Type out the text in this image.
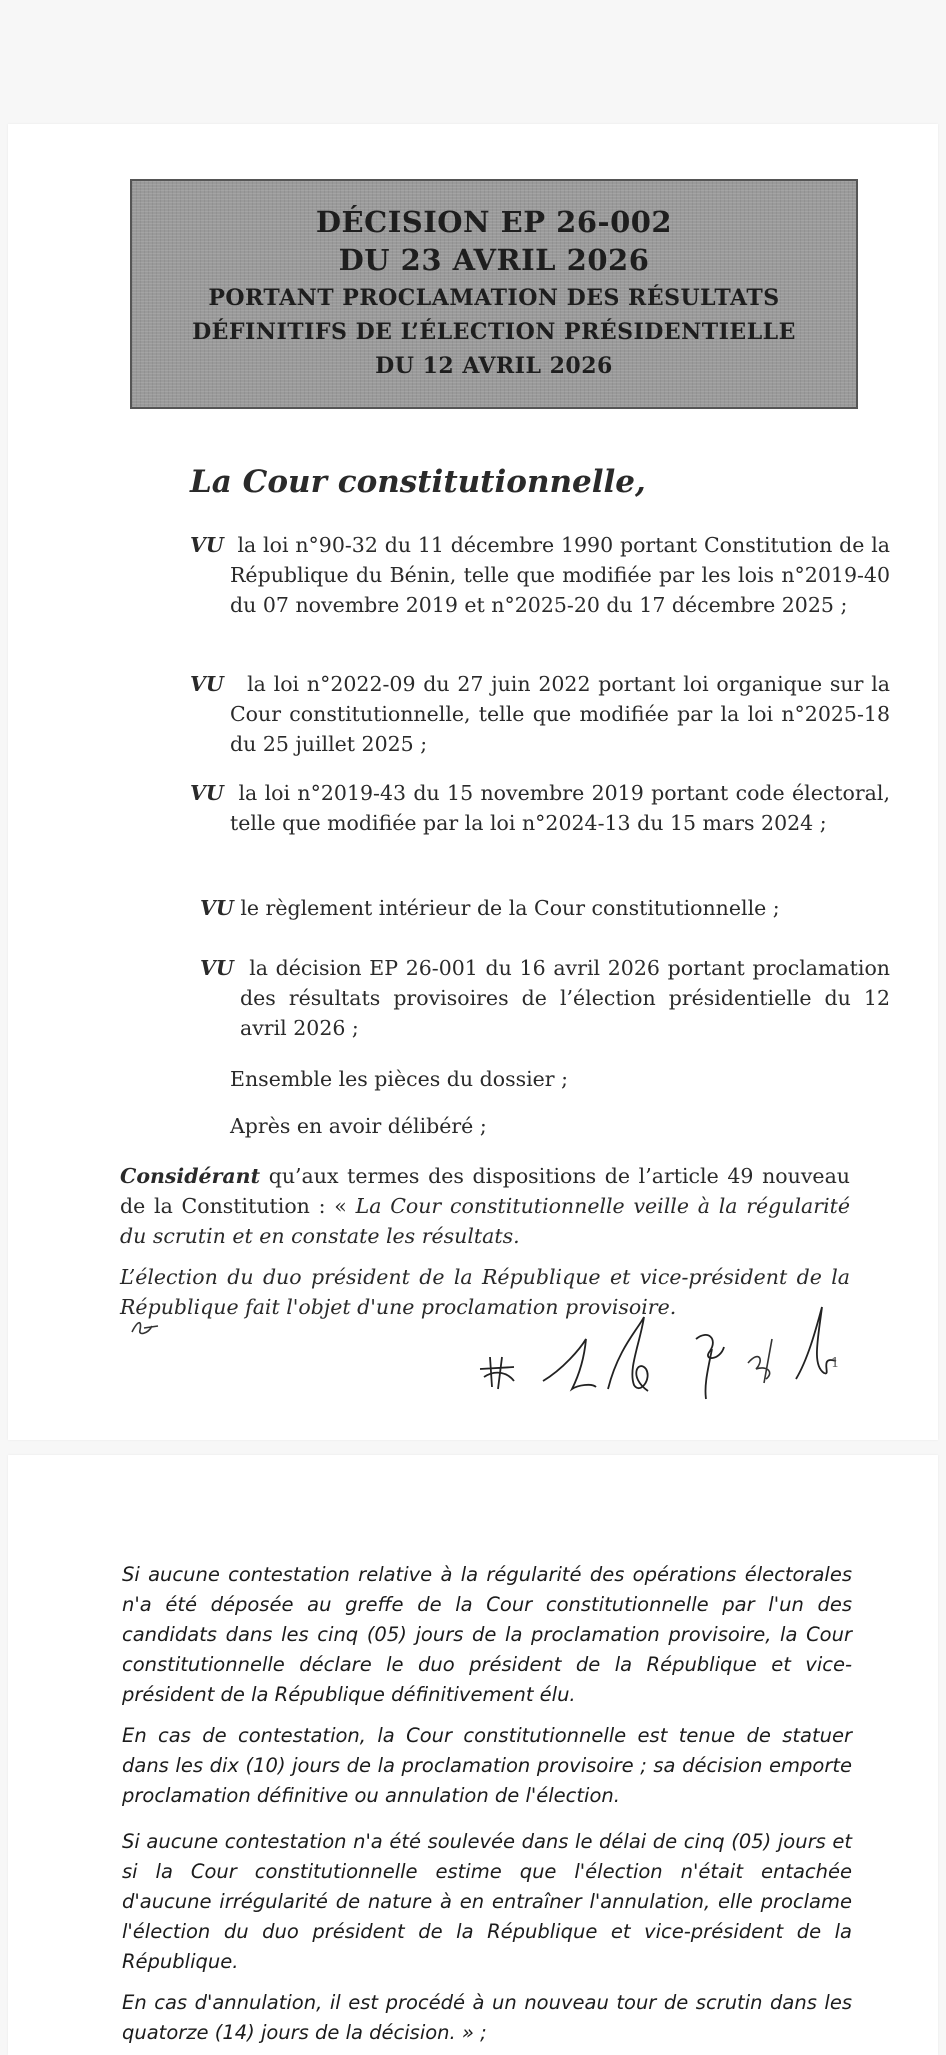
DÉCISION EP 26-002
DU 23 AVRIL 2026
PORTANT PROCLAMATION DES RÉSULTATS
DÉFINITIFS DE L’ÉLECTION PRÉSIDENTIELLE
DU 12 AVRIL 2026
La Cour constitutionnelle,
VU la loi n°90-32 du 11 décembre 1990 portant Constitution de la République du Bénin, telle que modifiée par les lois n°2019-40 du 07 novembre 2019 et n°2025-20 du 17 décembre 2025 ;
VU la loi n°2022-09 du 27 juin 2022 portant loi organique sur la Cour constitutionnelle, telle que modifiée par la loi n°2025-18 du 25 juillet 2025 ;
VU la loi n°2019-43 du 15 novembre 2019 portant code électoral, telle que modifiée par la loi n°2024-13 du 15 mars 2024 ;
VU le règlement intérieur de la Cour constitutionnelle ;
VU la décision EP 26-001 du 16 avril 2026 portant proclamation des résultats provisoires de l’élection présidentielle du 12 avril 2026 ;
Ensemble les pièces du dossier ;
Après en avoir délibéré ;
Considérant qu’aux termes des dispositions de l’article 49 nouveau de la Constitution : « La Cour constitutionnelle veille à la régularité du scrutin et en constate les résultats.
L’élection du duo président de la République et vice-président de la République fait l'objet d'une proclamation provisoire.
1
Si aucune contestation relative à la régularité des opérations électorales n'a été déposée au greffe de la Cour constitutionnelle par l'un des candidats dans les cinq (05) jours de la proclamation provisoire, la Cour constitutionnelle déclare le duo président de la République et vice-président de la République définitivement élu.
En cas de contestation, la Cour constitutionnelle est tenue de statuer dans les dix (10) jours de la proclamation provisoire ; sa décision emporte proclamation définitive ou annulation de l'élection.
Si aucune contestation n'a été soulevée dans le délai de cinq (05) jours et si la Cour constitutionnelle estime que l'élection n'était entachée d'aucune irrégularité de nature à en entraîner l'annulation, elle proclame l'élection du duo président de la République et vice-président de la République.
En cas d'annulation, il est procédé à un nouveau tour de scrutin dans les quatorze (14) jours de la décision. » ;
